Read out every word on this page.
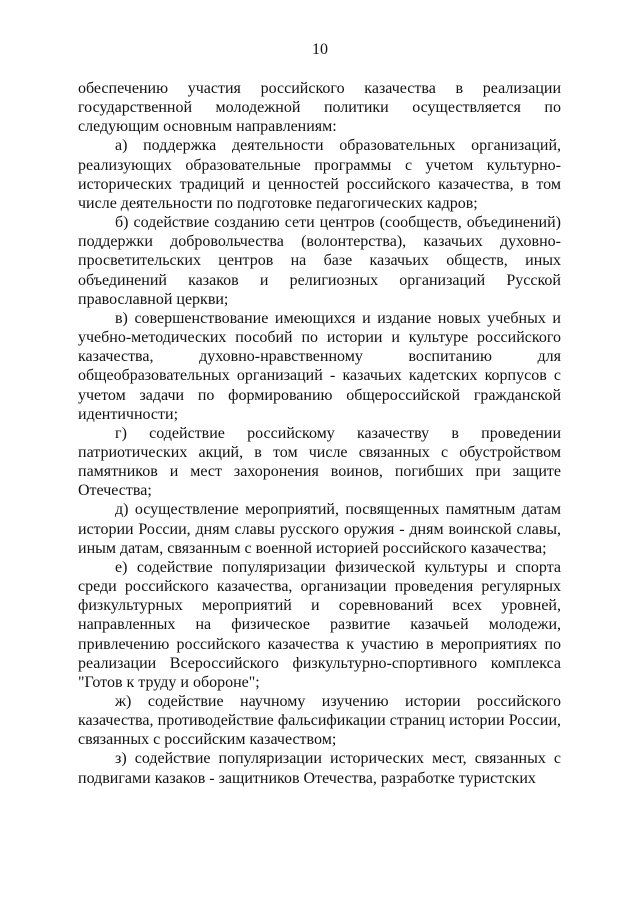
10

обеспечению участия российского казачества в реализации государственной молодежной политики осуществляется по следующим основным направлениям:

а) поддержка деятельности образовательных организаций, реализующих образовательные программы с учетом культурно-исторических традиций и ценностей российского казачества, в том числе деятельности по подготовке педагогических кадров;

б) содействие созданию сети центров (сообществ, объединений) поддержки добровольчества (волонтерства), казачьих духовно-просветительских центров на базе казачьих обществ, иных объединений казаков и религиозных организаций Русской православной церкви;

в) совершенствование имеющихся и издание новых учебных и учебно-методических пособий по истории и культуре российского казачества, духовно-нравственному воспитанию для общеобразовательных организаций - казачьих кадетских корпусов с учетом задачи по формированию общероссийской гражданской идентичности;

г) содействие российскому казачеству в проведении патриотических акций, в том числе связанных с обустройством памятников и мест захоронения воинов, погибших при защите Отечества;

д) осуществление мероприятий, посвященных памятным датам истории России, дням славы русского оружия - дням воинской славы, иным датам, связанным с военной историей российского казачества;

е) содействие популяризации физической культуры и спорта среди российского казачества, организации проведения регулярных физкультурных мероприятий и соревнований всех уровней, направленных на физическое развитие казачьей молодежи, привлечению российского казачества к участию в мероприятиях по реализации Всероссийского физкультурно-спортивного комплекса "Готов к труду и обороне";

ж) содействие научному изучению истории российского казачества, противодействие фальсификации страниц истории России, связанных с российским казачеством;

з) содействие популяризации исторических мест, связанных с подвигами казаков - защитников Отечества, разработке туристских
